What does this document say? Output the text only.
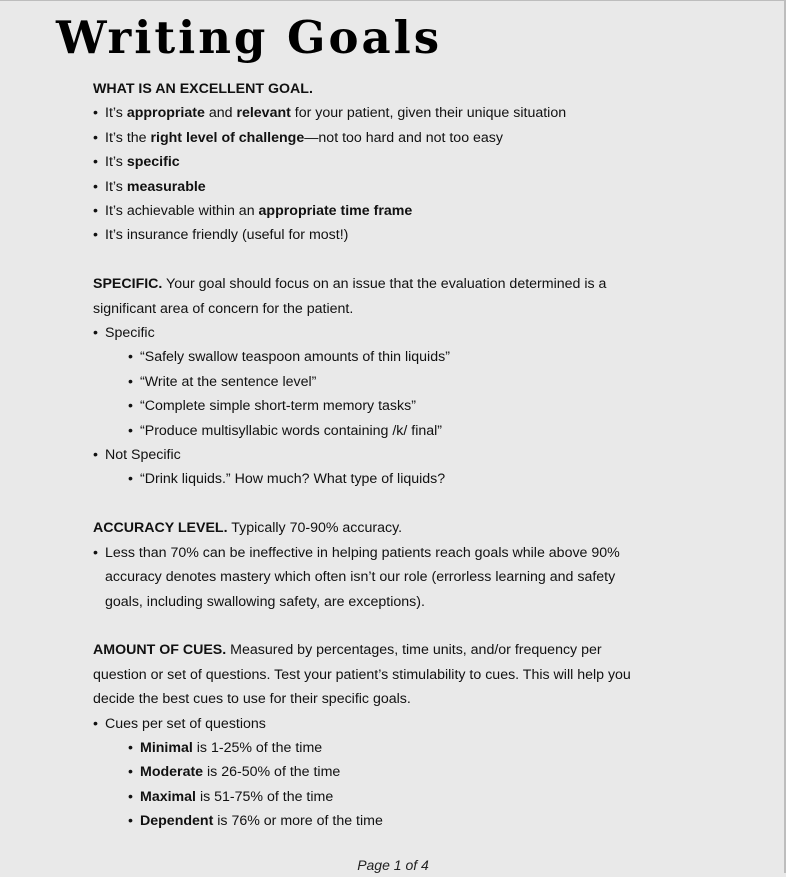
Writing Goals
WHAT IS AN EXCELLENT GOAL.
• It’s appropriate and relevant for your patient, given their unique situation
• It’s the right level of challenge—not too hard and not too easy
• It’s specific
• It’s measurable
• It’s achievable within an appropriate time frame
• It’s insurance friendly (useful for most!)
SPECIFIC. Your goal should focus on an issue that the evaluation determined is a
significant area of concern for the patient.
• Specific
• “Safely swallow teaspoon amounts of thin liquids”
• “Write at the sentence level”
• “Complete simple short-term memory tasks”
• “Produce multisyllabic words containing /k/ final”
• Not Specific
• “Drink liquids.” How much? What type of liquids?
ACCURACY LEVEL. Typically 70-90% accuracy.
• Less than 70% can be ineffective in helping patients reach goals while above 90%
accuracy denotes mastery which often isn’t our role (errorless learning and safety
goals, including swallowing safety, are exceptions).
AMOUNT OF CUES. Measured by percentages, time units, and/or frequency per
question or set of questions. Test your patient’s stimulability to cues. This will help you
decide the best cues to use for their specific goals.
• Cues per set of questions
• Minimal is 1-25% of the time
• Moderate is 26-50% of the time
• Maximal is 51-75% of the time
• Dependent is 76% or more of the time
Page 1 of 4
